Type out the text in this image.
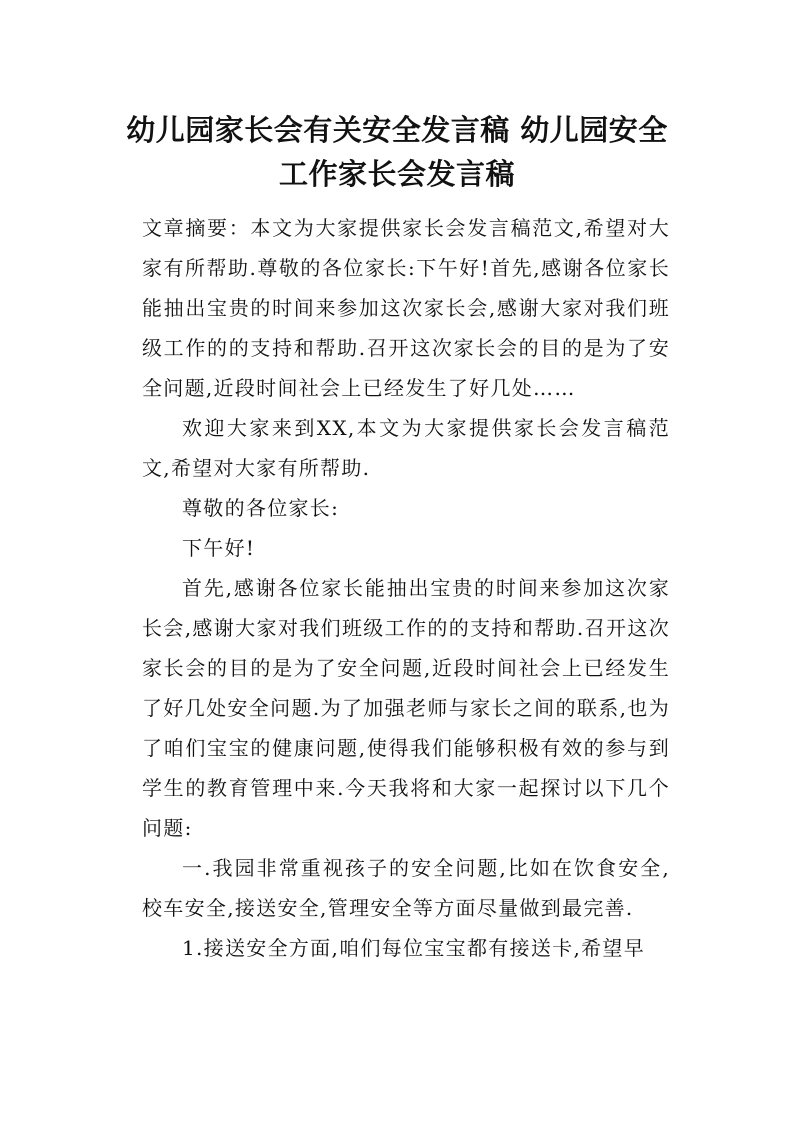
幼儿园家长会有关安全发言稿 幼儿园安全工作家长会发言稿

文章摘要：本文为大家提供家长会发言稿范文,希望对大家有所帮助.尊敬的各位家长:下午好!首先,感谢各位家长能抽出宝贵的时间来参加这次家长会,感谢大家对我们班级工作的的支持和帮助.召开这次家长会的目的是为了安全问题,近段时间社会上已经发生了好几处……

欢迎大家来到XX,本文为大家提供家长会发言稿范文,希望对大家有所帮助.

尊敬的各位家长:

下午好!

首先,感谢各位家长能抽出宝贵的时间来参加这次家长会,感谢大家对我们班级工作的的支持和帮助.召开这次家长会的目的是为了安全问题,近段时间社会上已经发生了好几处安全问题.为了加强老师与家长之间的联系,也为了咱们宝宝的健康问题,使得我们能够积极有效的参与到学生的教育管理中来.今天我将和大家一起探讨以下几个问题:

一.我园非常重视孩子的安全问题,比如在饮食安全,校车安全,接送安全,管理安全等方面尽量做到最完善.

1.接送安全方面,咱们每位宝宝都有接送卡,希望早
